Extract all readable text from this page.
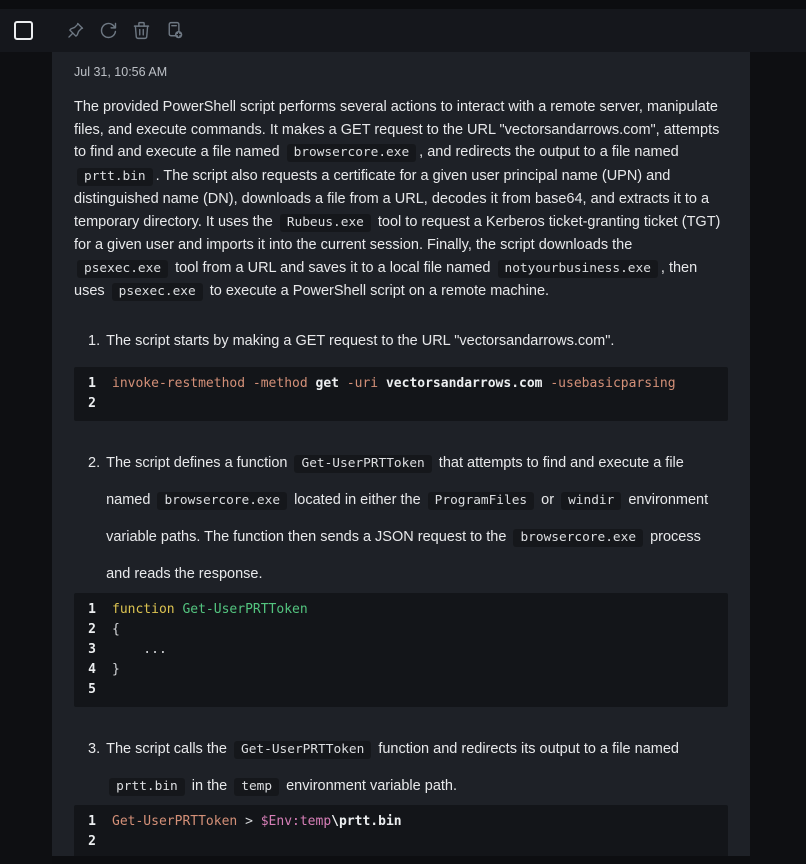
Jul 31, 10:56 AM

The provided PowerShell script performs several actions to interact with a remote server, manipulate files, and execute commands. It makes a GET request to the URL "vectorsandarrows.com", attempts to find and execute a file named browsercore.exe , and redirects the output to a file named prtt.bin . The script also requests a certificate for a given user principal name (UPN) and distinguished name (DN), downloads a file from a URL, decodes it from base64, and extracts it to a temporary directory. It uses the Rubeus.exe tool to request a Kerberos ticket-granting ticket (TGT) for a given user and imports it into the current session. Finally, the script downloads the psexec.exe tool from a URL and saves it to a local file named notyourbusiness.exe , then uses psexec.exe to execute a PowerShell script on a remote machine.

1. The script starts by making a GET request to the URL "vectorsandarrows.com".

1 invoke-restmethod -method get -uri vectorsandarrows.com -usebasicparsing
2
2. The script defines a function Get-UserPRTToken that attempts to find and execute a file named browsercore.exe located in either the ProgramFiles or windir environment variable paths. The function then sends a JSON request to the browsercore.exe process and reads the response.

1 function Get-UserPRTToken
2 {
3 ...
4 }
5
3. The script calls the Get-UserPRTToken function and redirects its output to a file named prtt.bin in the temp environment variable path.

1 Get-UserPRTToken > $Env:temp\prtt.bin
2
